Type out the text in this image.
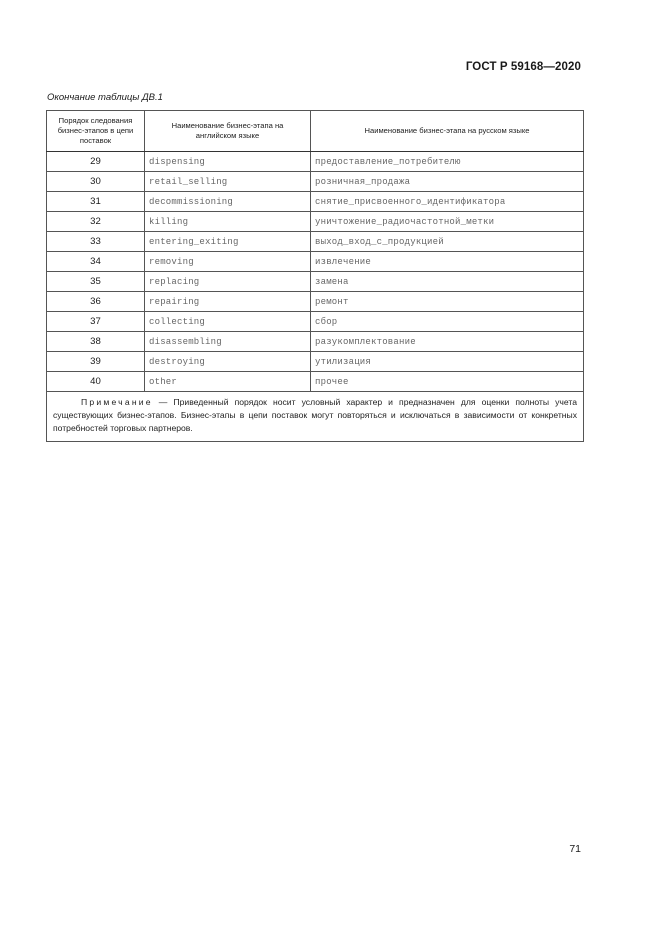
ГОСТ Р 59168—2020
Окончание таблицы ДВ.1
Порядок следования бизнес-этапов в цепи поставок	Наименование бизнес-этапа на английском языке	Наименование бизнес-этапа на русском языке
29	dispensing	предоставление_потребителю
30	retail_selling	розничная_продажа
31	decommissioning	снятие_присвоенного_идентификатора
32	killing	уничтожение_радиочастотной_метки
33	entering_exiting	выход_вход_с_продукцией
34	removing	извлечение
35	replacing	замена
36	repairing	ремонт
37	collecting	сбор
38	disassembling	разукомплектование
39	destroying	утилизация
40	other	прочее
Примечание — Приведенный порядок носит условный характер и предназначен для оценки полноты учета существующих бизнес-этапов. Бизнес-этапы в цепи поставок могут повторяться и исключаться в зависимости от конкретных потребностей торговых партнеров.		
71
